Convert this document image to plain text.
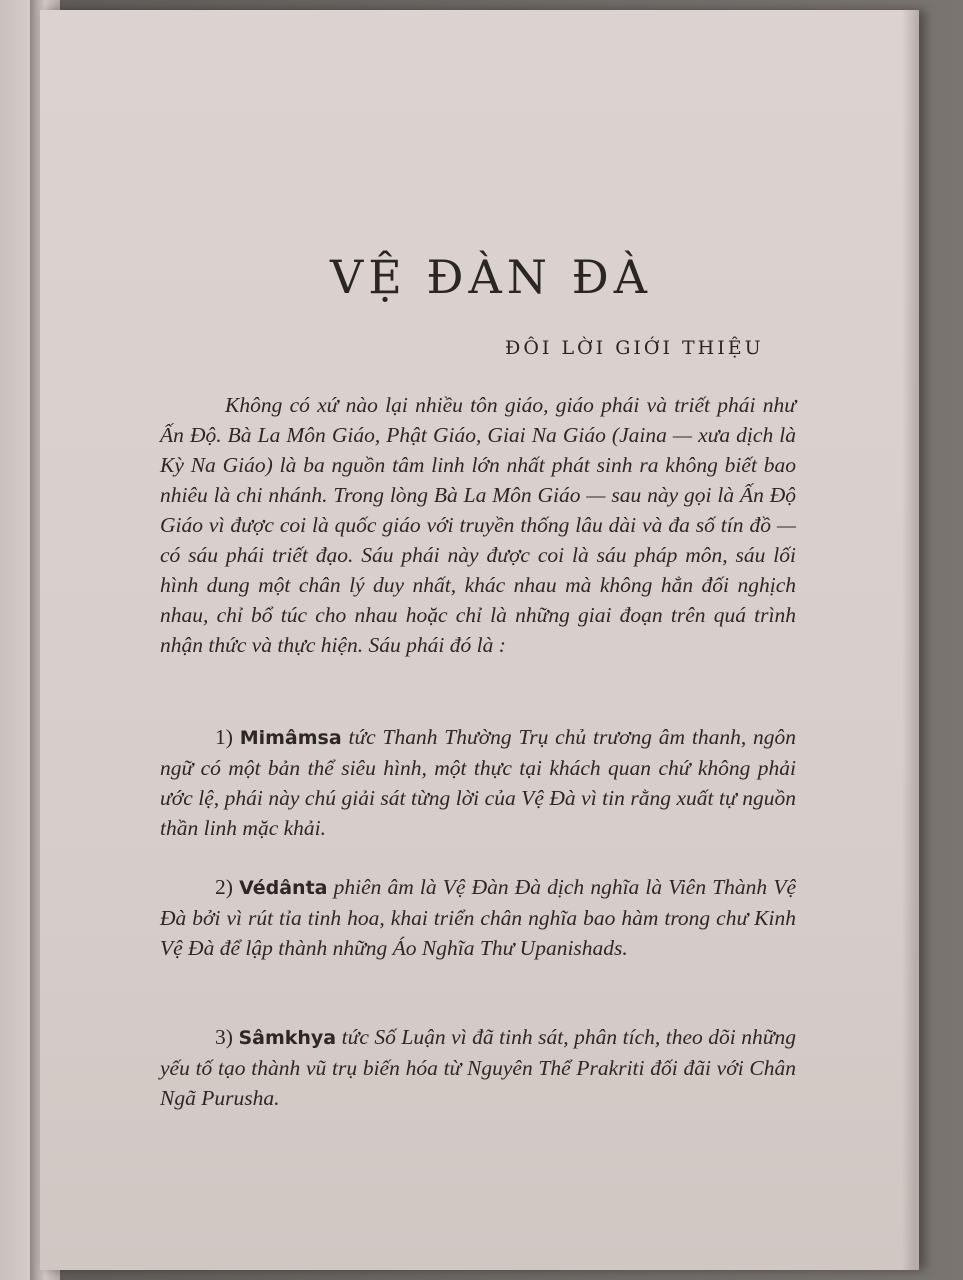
VỆ ĐÀN ĐÀ
ĐÔI LỜI GIỚI THIỆU

Không có xứ nào lại nhiều tôn giáo, giáo phái và triết phái như Ấn Độ. Bà La Môn Giáo, Phật Giáo, Giai Na Giáo (Jaina — xưa dịch là Kỳ Na Giáo) là ba nguồn tâm linh lớn nhất phát sinh ra không biết bao nhiêu là chi nhánh. Trong lòng Bà La Môn Giáo — sau này gọi là Ấn Độ Giáo vì được coi là quốc giáo với truyền thống lâu dài và đa số tín đồ — có sáu phái triết đạo. Sáu phái này được coi là sáu pháp môn, sáu lối hình dung một chân lý duy nhất, khác nhau mà không hẳn đối nghịch nhau, chỉ bổ túc cho nhau hoặc chỉ là những giai đoạn trên quá trình nhận thức và thực hiện. Sáu phái đó là :

1) Mimâmsa tức Thanh Thường Trụ chủ trương âm thanh, ngôn ngữ có một bản thể siêu hình, một thực tại khách quan chứ không phải ước lệ, phái này chú giải sát từng lời của Vệ Đà vì tin rằng xuất tự nguồn thần linh mặc khải.

2) Védânta phiên âm là Vệ Đàn Đà dịch nghĩa là Viên Thành Vệ Đà bởi vì rút tỉa tinh hoa, khai triển chân nghĩa bao hàm trong chư Kinh Vệ Đà để lập thành những Áo Nghĩa Thư Upanishads.

3) Sâmkhya tức Số Luận vì đã tinh sát, phân tích, theo dõi những yếu tố tạo thành vũ trụ biến hóa từ Nguyên Thể Prakriti đối đãi với Chân Ngã Purusha.
